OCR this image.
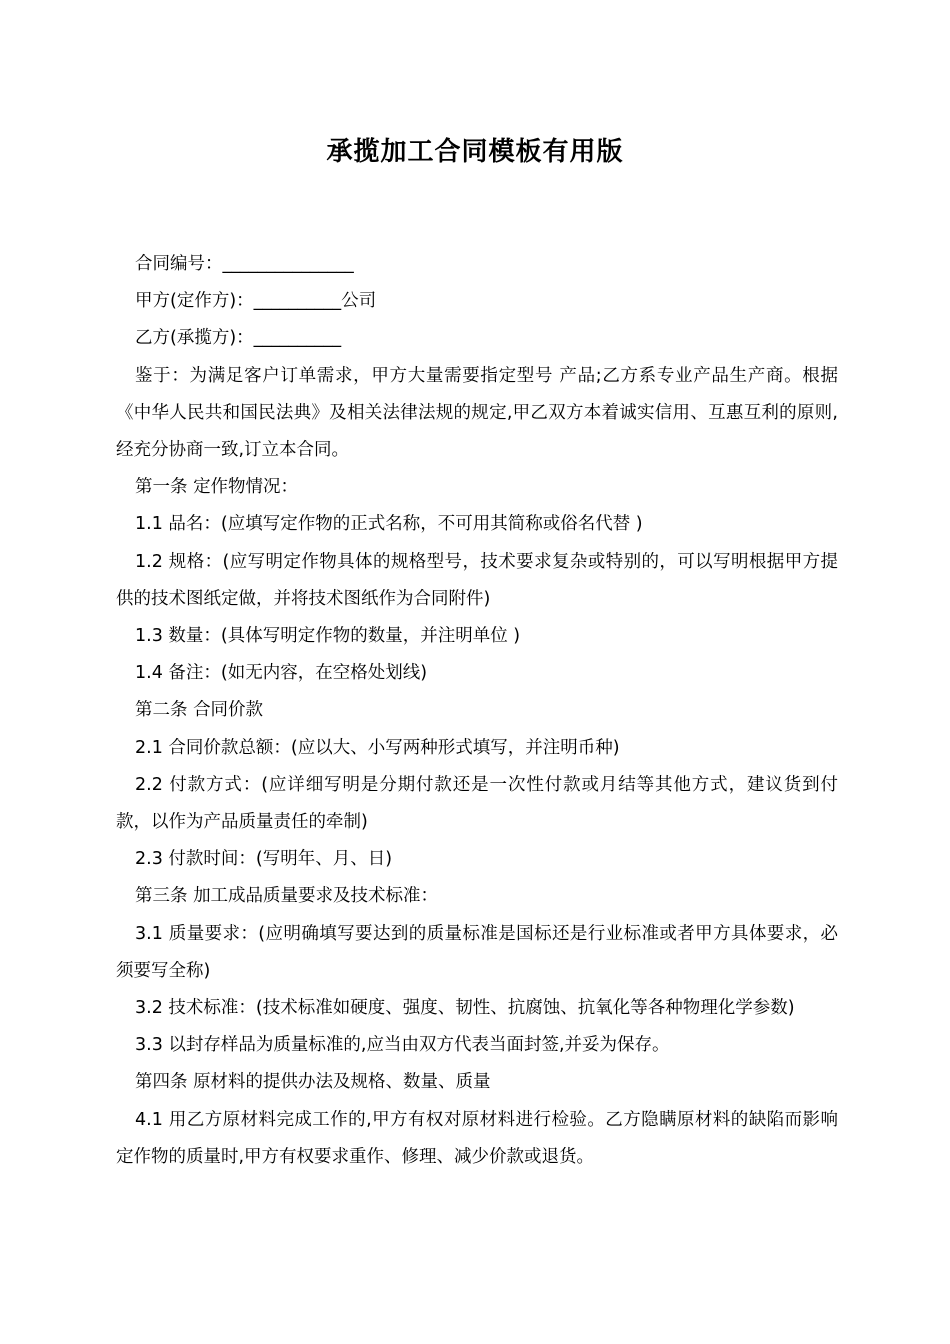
承揽加工合同模板有用版

合同编号：_______________

甲方(定作方)：__________公司

乙方(承揽方)：__________

鉴于：为满足客户订单需求，甲方大量需要指定型号 产品;乙方系专业产品生产商。根据《中华人民共和国民法典》及相关法律法规的规定,甲乙双方本着诚实信用、互惠互利的原则,经充分协商一致,订立本合同。

第一条 定作物情况：

1.1 品名：(应填写定作物的正式名称，不可用其简称或俗名代替 )

1.2 规格：(应写明定作物具体的规格型号，技术要求复杂或特别的，可以写明根据甲方提供的技术图纸定做，并将技术图纸作为合同附件)

1.3 数量：(具体写明定作物的数量，并注明单位 )

1.4 备注：(如无内容，在空格处划线)

第二条 合同价款

2.1 合同价款总额：(应以大、小写两种形式填写，并注明币种)

2.2 付款方式：(应详细写明是分期付款还是一次性付款或月结等其他方式，建议货到付款，以作为产品质量责任的牵制)

2.3 付款时间：(写明年、月、日)

第三条 加工成品质量要求及技术标准：

3.1 质量要求：(应明确填写要达到的质量标准是国标还是行业标准或者甲方具体要求，必须要写全称)

3.2 技术标准：(技术标准如硬度、强度、韧性、抗腐蚀、抗氧化等各种物理化学参数)

3.3 以封存样品为质量标准的,应当由双方代表当面封签,并妥为保存。

第四条 原材料的提供办法及规格、数量、质量

4.1 用乙方原材料完成工作的,甲方有权对原材料进行检验。乙方隐瞒原材料的缺陷而影响定作物的质量时,甲方有权要求重作、修理、减少价款或退货。
